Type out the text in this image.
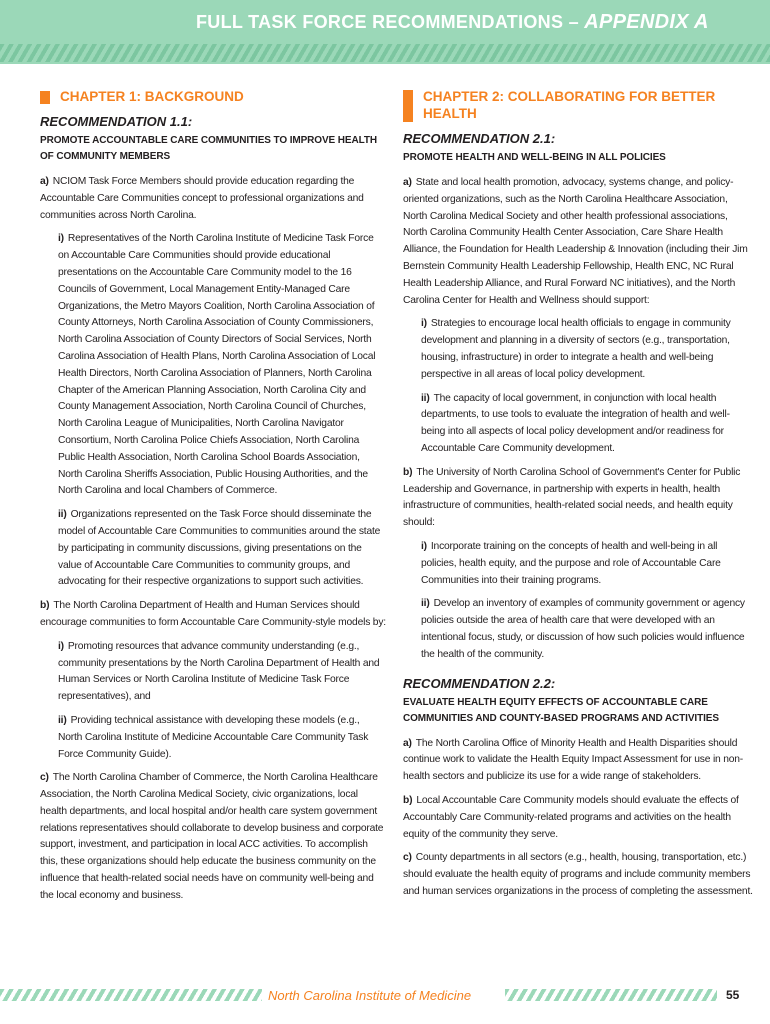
FULL TASK FORCE RECOMMENDATIONS – APPENDIX A
CHAPTER 1: BACKGROUND
RECOMMENDATION 1.1:
PROMOTE ACCOUNTABLE CARE COMMUNITIES TO IMPROVE HEALTH OF COMMUNITY MEMBERS

a) NCIOM Task Force Members should provide education regarding the Accountable Care Communities concept to professional organizations and communities across North Carolina.

i) Representatives of the North Carolina Institute of Medicine Task Force on Accountable Care Communities should provide educational presentations on the Accountable Care Community model to the 16 Councils of Government, Local Management Entity-Managed Care Organizations, the Metro Mayors Coalition, North Carolina Association of County Attorneys, North Carolina Association of County Commissioners, North Carolina Association of County Directors of Social Services, North Carolina Association of Health Plans, North Carolina Association of Local Health Directors, North Carolina Association of Planners, North Carolina Chapter of the American Planning Association, North Carolina City and County Management Association, North Carolina Council of Churches, North Carolina League of Municipalities, North Carolina Navigator Consortium, North Carolina Police Chiefs Association, North Carolina Public Health Association, North Carolina School Boards Association, North Carolina Sheriffs Association, Public Housing Authorities, and the North Carolina and local Chambers of Commerce.

ii) Organizations represented on the Task Force should disseminate the model of Accountable Care Communities to communities around the state by participating in community discussions, giving presentations on the value of Accountable Care Communities to community groups, and advocating for their respective organizations to support such activities.

b) The North Carolina Department of Health and Human Services should encourage communities to form Accountable Care Community-style models by:

i) Promoting resources that advance community understanding (e.g., community presentations by the North Carolina Department of Health and Human Services or North Carolina Institute of Medicine Task Force representatives), and

ii) Providing technical assistance with developing these models (e.g., North Carolina Institute of Medicine Accountable Care Community Task Force Community Guide).

c) The North Carolina Chamber of Commerce, the North Carolina Healthcare Association, the North Carolina Medical Society, civic organizations, local health departments, and local hospital and/or health care system government relations representatives should collaborate to develop business and corporate support, investment, and participation in local ACC activities. To accomplish this, these organizations should help educate the business community on the influence that health-related social needs have on community well-being and the local economy and business.

CHAPTER 2: COLLABORATING FOR BETTER HEALTH
RECOMMENDATION 2.1:
PROMOTE HEALTH AND WELL-BEING IN ALL POLICIES

a) State and local health promotion, advocacy, systems change, and policy-oriented organizations, such as the North Carolina Healthcare Association, North Carolina Medical Society and other health professional associations, North Carolina Community Health Center Association, Care Share Health Alliance, the Foundation for Health Leadership & Innovation (including their Jim Bernstein Community Health Leadership Fellowship, Health ENC, NC Rural Health Leadership Alliance, and Rural Forward NC initiatives), and the North Carolina Center for Health and Wellness should support:

i) Strategies to encourage local health officials to engage in community development and planning in a diversity of sectors (e.g., transportation, housing, infrastructure) in order to integrate a health and well-being perspective in all areas of local policy development.

ii) The capacity of local government, in conjunction with local health departments, to use tools to evaluate the integration of health and well-being into all aspects of local policy development and/or readiness for Accountable Care Community development.

b) The University of North Carolina School of Government's Center for Public Leadership and Governance, in partnership with experts in health, health infrastructure of communities, health-related social needs, and health equity should:

i) Incorporate training on the concepts of health and well-being in all policies, health equity, and the purpose and role of Accountable Care Communities into their training programs.

ii) Develop an inventory of examples of community government or agency policies outside the area of health care that were developed with an intentional focus, study, or discussion of how such policies would influence the health of the community.

RECOMMENDATION 2.2:
EVALUATE HEALTH EQUITY EFFECTS OF ACCOUNTABLE CARE COMMUNITIES AND COUNTY-BASED PROGRAMS AND ACTIVITIES

a) The North Carolina Office of Minority Health and Health Disparities should continue work to validate the Health Equity Impact Assessment for use in non-health sectors and publicize its use for a wide range of stakeholders.

b) Local Accountable Care Community models should evaluate the effects of Accountably Care Community-related programs and activities on the health equity of the community they serve.

c) County departments in all sectors (e.g., health, housing, transportation, etc.) should evaluate the health equity of programs and include community members and human services organizations in the process of completing the assessment.

North Carolina Institute of Medicine	55
